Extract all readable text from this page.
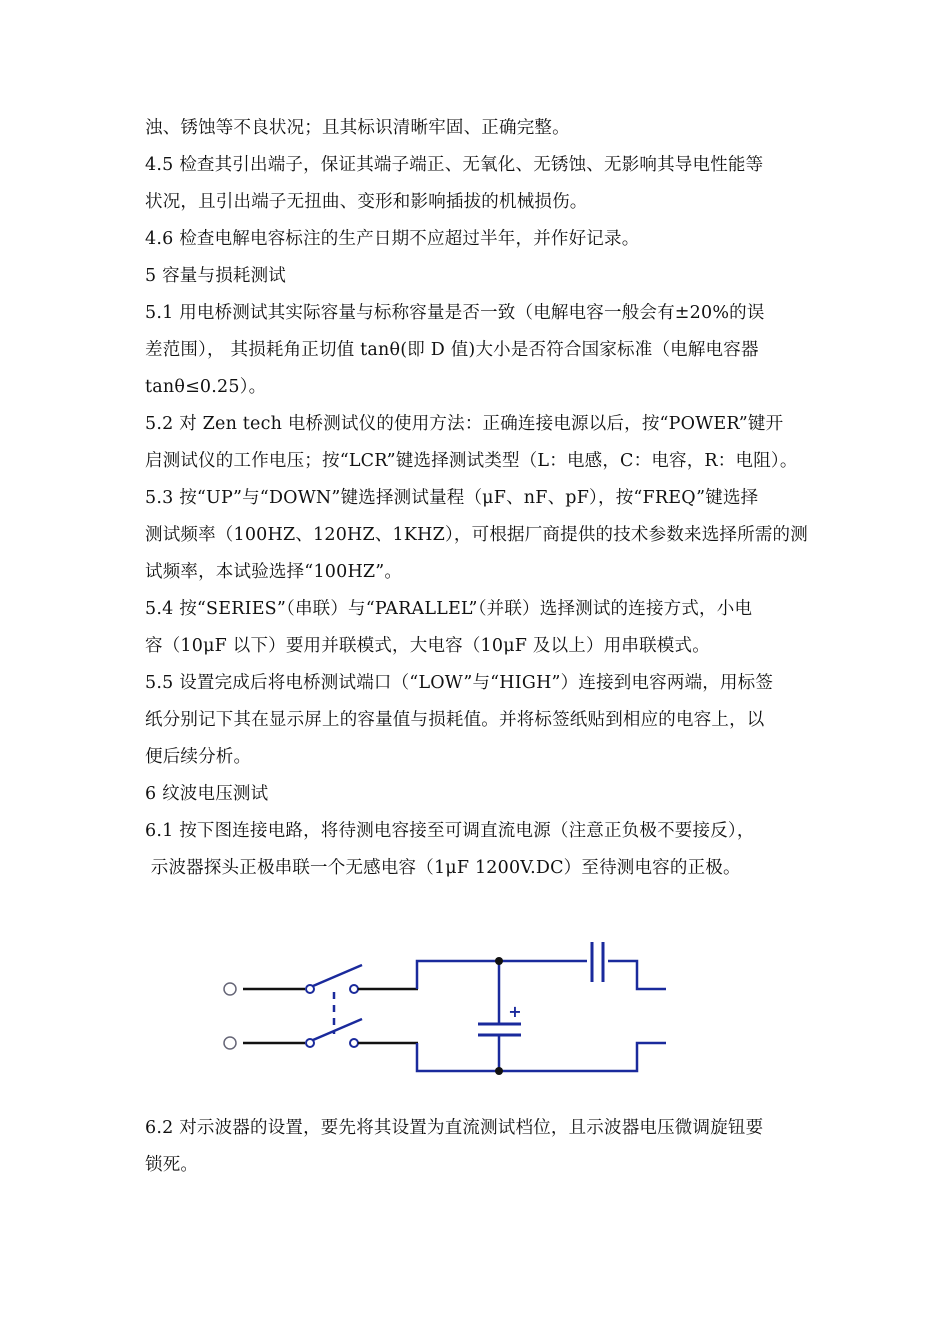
浊、锈蚀等不良状况；且其标识清晰牢固、正确完整。
4.5 检查其引出端子，保证其端子端正、无氧化、无锈蚀、无影响其导电性能等
状况，且引出端子无扭曲、变形和影响插拔的机械损伤。
4.6 检查电解电容标注的生产日期不应超过半年，并作好记录。
5 容量与损耗测试
5.1 用电桥测试其实际容量与标称容量是否一致（电解电容一般会有±20%的误
差范围）， 其损耗角正切值 tanθ(即 D 值)大小是否符合国家标准（电解电容器
tanθ≤0.25）。
5.2 对 Zen tech 电桥测试仪的使用方法：正确连接电源以后，按“POWER”键开
启测试仪的工作电压；按“LCR”键选择测试类型（L：电感，C：电容，R：电阻）。
5.3 按“UP”与“DOWN”键选择测试量程（μF、nF、pF），按“FREQ”键选择
测试频率（100HZ、120HZ、1KHZ），可根据厂商提供的技术参数来选择所需的测
试频率，本试验选择“100HZ”。
5.4 按“SERIES”（串联）与“PARALLEL”（并联）选择测试的连接方式，小电
容（10μF 以下）要用并联模式，大电容（10μF 及以上）用串联模式。
5.5 设置完成后将电桥测试端口（“LOW”与“HIGH”）连接到电容两端，用标签
纸分别记下其在显示屏上的容量值与损耗值。并将标签纸贴到相应的电容上，以
便后续分析。
6 纹波电压测试
6.1 按下图连接电路，将待测电容接至可调直流电源（注意正负极不要接反），
示波器探头正极串联一个无感电容（1μF 1200V.DC）至待测电容的正极。
6.2 对示波器的设置，要先将其设置为直流测试档位，且示波器电压微调旋钮要
锁死。
+
